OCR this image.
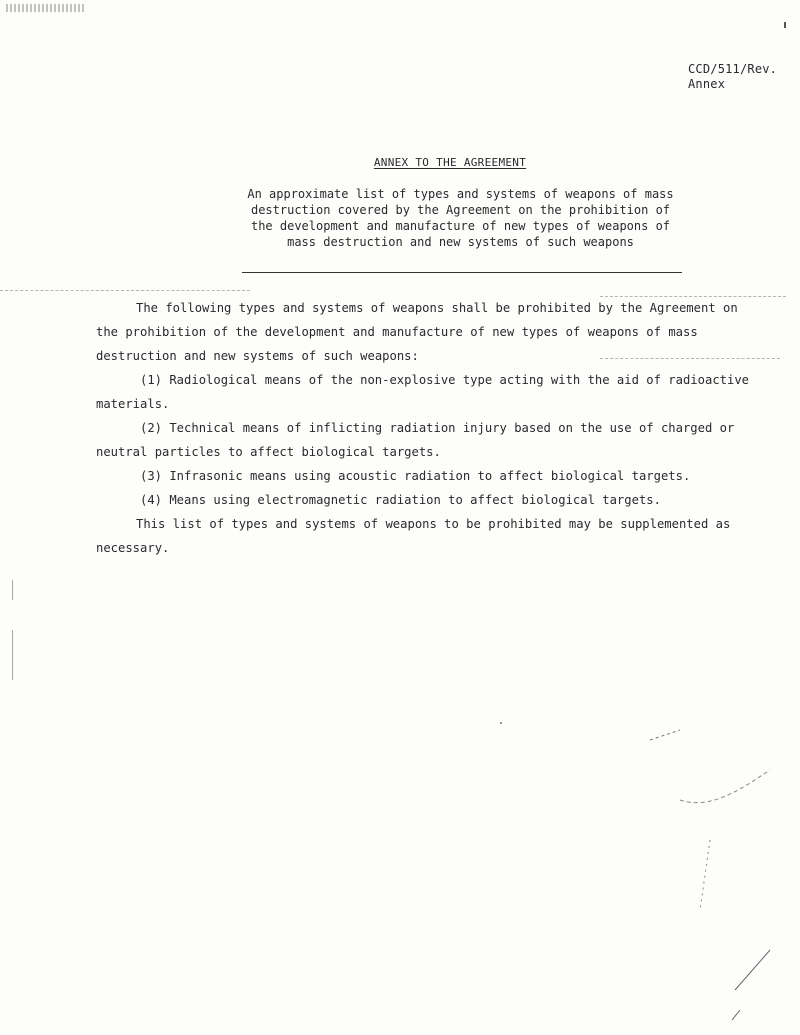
CCD/511/Rev.
Annex
ANNEX TO THE AGREEMENT
An approximate list of types and systems of weapons of mass destruction covered by the Agreement on the prohibition of the development and manufacture of new types of weapons of mass destruction and new systems of such weapons

The following types and systems of weapons shall be prohibited by the Agreement on the prohibition of the development and manufacture of new types of weapons of mass destruction and new systems of such weapons:

(1) Radiological means of the non-explosive type acting with the aid of radioactive materials.

(2) Technical means of inflicting radiation injury based on the use of charged or neutral particles to affect biological targets.

(3) Infrasonic means using acoustic radiation to affect biological targets.

(4) Means using electromagnetic radiation to affect biological targets.

This list of types and systems of weapons to be prohibited may be supplemented as necessary.
